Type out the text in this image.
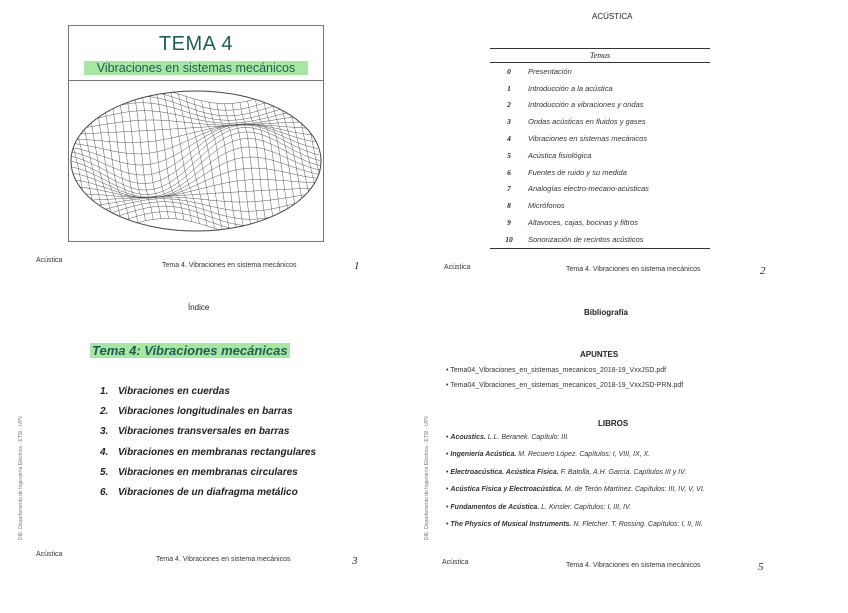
TEMA 4
Vibraciones en sistemas mecánicos
Acústica
Tema 4. Vibraciones en sistema mecánicos	1
ACÚSTICA
Temas
0	Presentación
1	Introducción a la acústica
2	Introducción a vibraciones y ondas
3	Ondas acústicas en fluidos y gases
4	Vibraciones en sistemas mecánicos
5	Acústica fisiológica
6	Fuentes de ruido y su medida
7	Analogías electro-mecano-acústicas
8	Micrófonos
9	Altavoces, cajas, bocinas y filtros
10	Sonorización de recintos acústicos
Acústica	Tema 4. Vibraciones en sistema mecánicos	2
Índice
Tema 4: Vibraciones mecánicas
1. Vibraciones en cuerdas
2. Vibraciones longitudinales en barras
3. Vibraciones transversales en barras
4. Vibraciones en membranas rectangulares
5. Vibraciones en membranas circulares
6. Vibraciones de un diafragma metálico
DIE. Departamento de Ingeniería Eléctrica - ETSI - UPV
Acústica
Tema 4. Vibraciones en sistema mecánicos	3
Bibliografía
APUNTES
• Tema04_Vibraciones_en_sistemas_mecanicos_2018-19_VxxJSD.pdf
• Tema04_Vibraciones_en_sistemas_mecanicos_2018-19_VxxJSD-PRN.pdf
LIBROS
• Acoustics. L.L. Beranek. Capítulo: III.
• Ingeniería Acústica. M. Recuero López. Capítulos: I, VIII, IX, X.
• Electroacústica. Acústica Física. F. Batolla, A.H. García. Capítulos III y IV.
• Acústica Física y Electroacústica. M. de Terón Martínez. Capítulos: III, IV, V, VI.
• Fundamentos de Acústica. L. Kinsler. Capítulos: I, III, IV.
• The Physics of Musical Instruments. N. Fletcher. T. Rossing. Capítulos: I, II, III.
DIE. Departamento de Ingeniería Eléctrica - ETSI - UPV
Acústica	Tema 4. Vibraciones en sistema mecánicos	5
